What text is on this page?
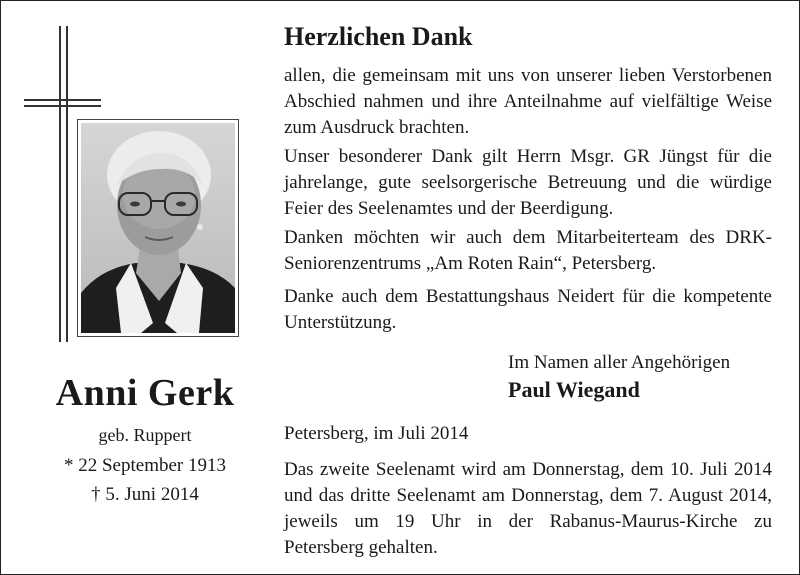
Anni Gerk
geb. Ruppert
* 22 September 1913
† 5. Juni 2014
Herzlichen Dank

allen, die gemeinsam mit uns von unserer lieben Verstorbenen Abschied nahmen und ihre Anteilnahme auf vielfältige Weise zum Ausdruck brachten.

Unser besonderer Dank gilt Herrn Msgr. GR Jüngst für die jahrelange, gute seelsorgerische Betreuung und die würdige Feier des Seelenamtes und der Beerdigung.

Danken möchten wir auch dem Mitarbeiterteam des DRK-Seniorenzentrums „Am Roten Rain“, Petersberg.

Danke auch dem Bestattungshaus Neidert für die kompetente Unterstützung.

Im Namen aller Angehörigen
Paul Wiegand
Petersberg, im Juli 2014

Das zweite Seelenamt wird am Donnerstag, dem 10. Juli 2014 und das dritte Seelenamt am Donnerstag, dem 7. August 2014, jeweils um 19 Uhr in der Rabanus-Maurus-Kirche zu Petersberg gehalten.
